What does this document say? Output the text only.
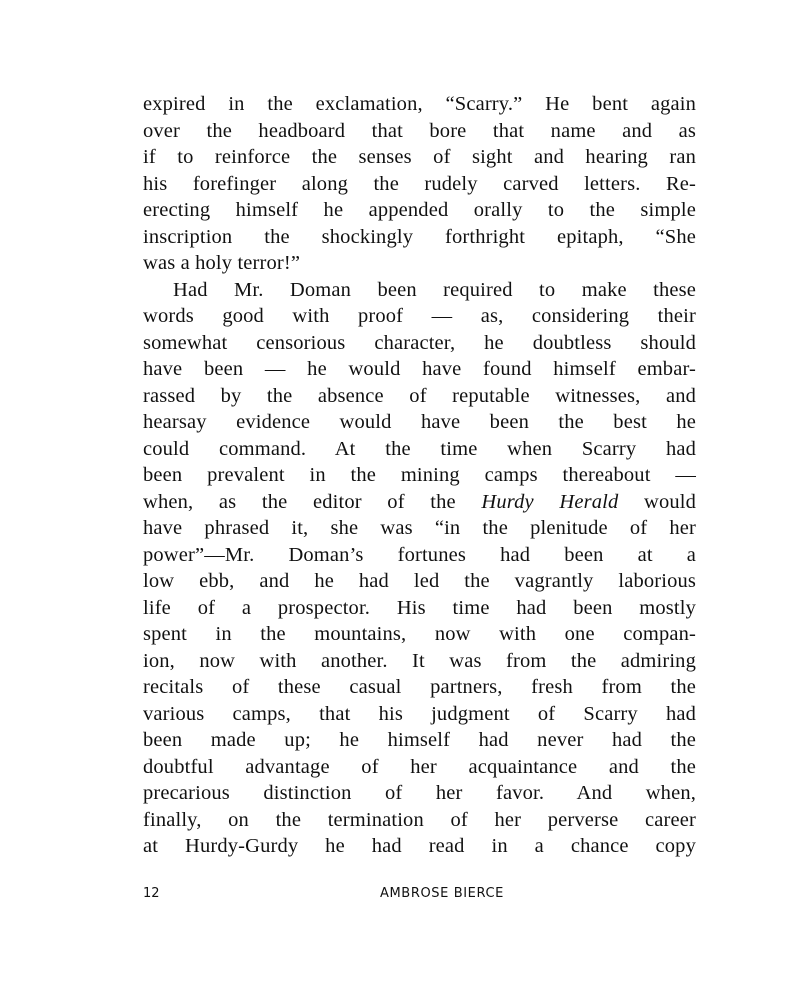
expired in the exclamation, “Scarry.” He bent again
over the headboard that bore that name and as
if to reinforce the senses of sight and hearing ran
his forefinger along the rudely carved letters. Re-
erecting himself he appended orally to the simple
inscription the shockingly forthright epitaph, “She
was a holy terror!”
Had Mr. Doman been required to make these
words good with proof — as, considering their
somewhat censorious character, he doubtless should
have been — he would have found himself embar-
rassed by the absence of reputable witnesses, and
hearsay evidence would have been the best he
could command. At the time when Scarry had
been prevalent in the mining camps thereabout —
when, as the editor of the Hurdy Herald would
have phrased it, she was “in the plenitude of her
power”—Mr. Doman’s fortunes had been at a
low ebb, and he had led the vagrantly laborious
life of a prospector. His time had been mostly
spent in the mountains, now with one compan-
ion, now with another. It was from the admiring
recitals of these casual partners, fresh from the
various camps, that his judgment of Scarry had
been made up; he himself had never had the
doubtful advantage of her acquaintance and the
precarious distinction of her favor. And when,
finally, on the termination of her perverse career
at Hurdy-Gurdy he had read in a chance copy
12	AMBROSE BIERCE
